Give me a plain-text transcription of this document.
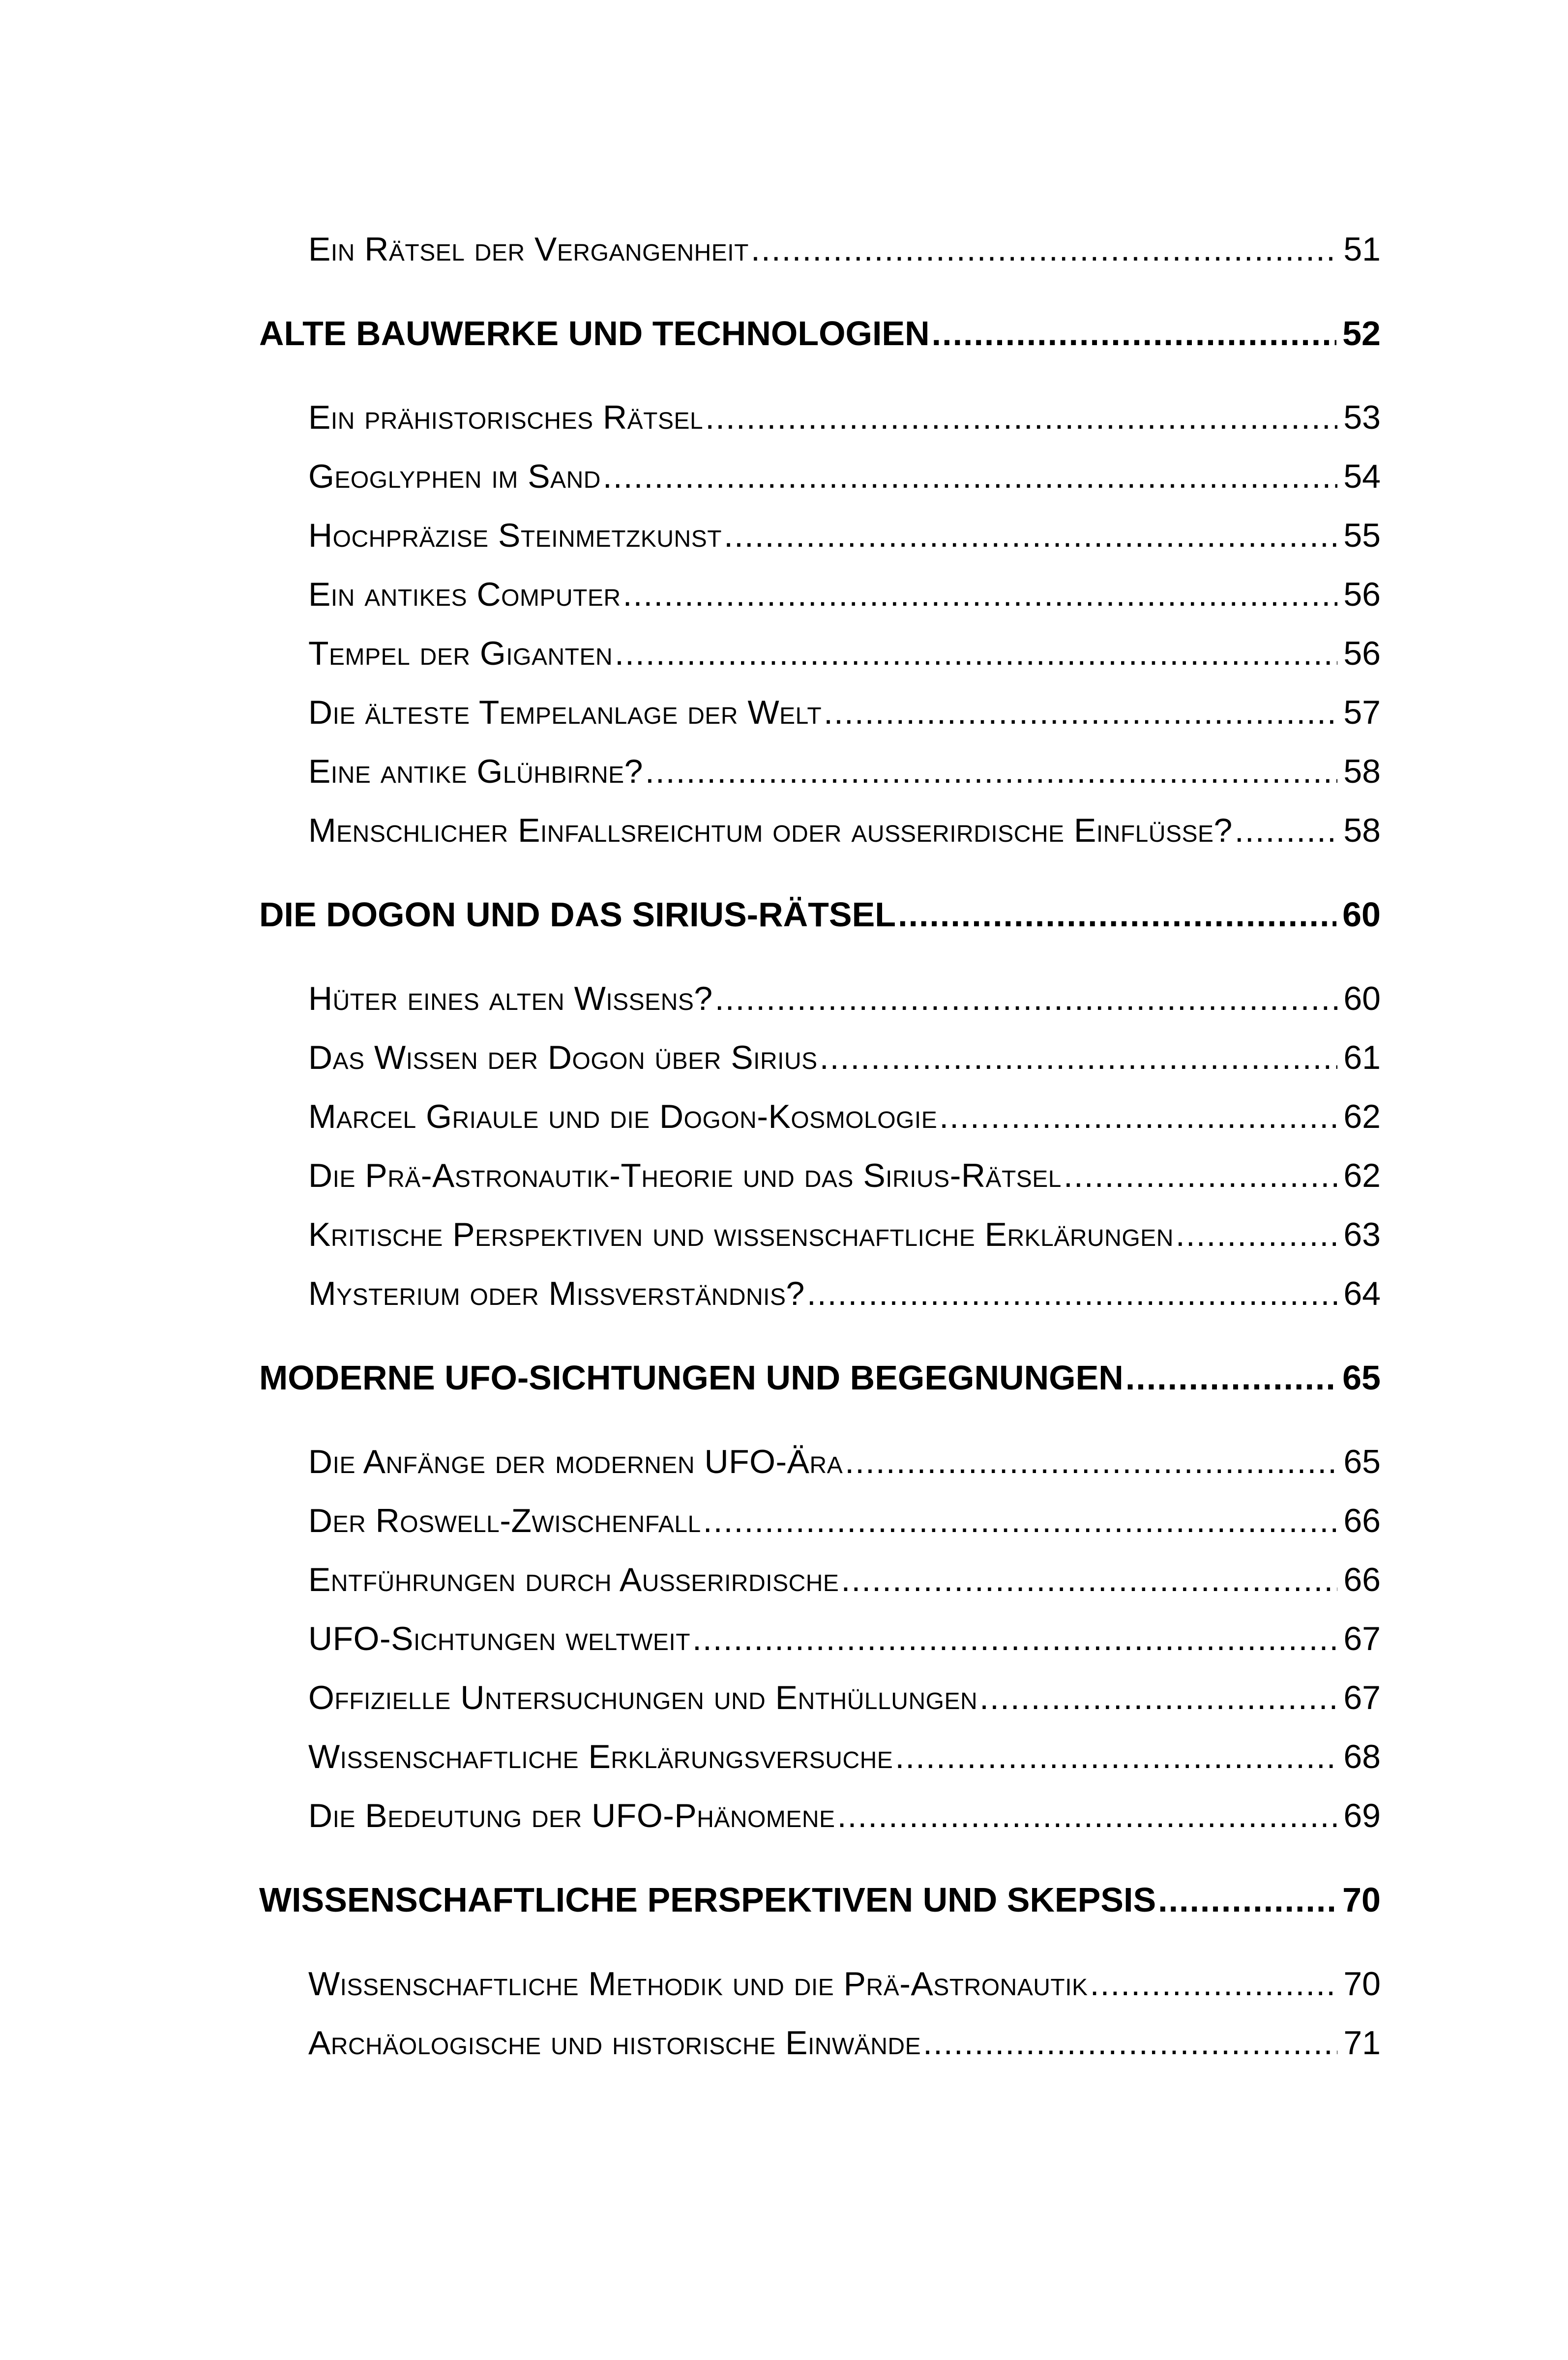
Ein Rätsel der Vergangenheit .....	51
ALTE BAUWERKE UND TECHNOLOGIEN .....	52
Ein prähistorisches Rätsel .....	53
Geoglyphen im Sand .....	54
Hochpräzise Steinmetzkunst .....	55
Ein antikes Computer .....	56
Tempel der Giganten .....	56
Die älteste Tempelanlage der Welt .....	57
Eine antike Glühbirne? .....	58
Menschlicher Einfallsreichtum oder außerirdische Einflüsse? .....	58
DIE DOGON UND DAS SIRIUS-RÄTSEL .....	60
Hüter eines alten Wissens? .....	60
Das Wissen der Dogon über Sirius .....	61
Marcel Griaule und die Dogon-Kosmologie .....	62
Die Prä-Astronautik-Theorie und das Sirius-Rätsel .....	62
Kritische Perspektiven und wissenschaftliche Erklärungen .....	63
Mysterium oder Missverständnis? .....	64
MODERNE UFO-SICHTUNGEN UND BEGEGNUNGEN .....	65
Die Anfänge der modernen UFO-Ära .....	65
Der Roswell-Zwischenfall .....	66
Entführungen durch Außerirdische .....	66
UFO-Sichtungen weltweit .....	67
Offizielle Untersuchungen und Enthüllungen .....	67
Wissenschaftliche Erklärungsversuche .....	68
Die Bedeutung der UFO-Phänomene .....	69
WISSENSCHAFTLICHE PERSPEKTIVEN UND SKEPSIS .....	70
Wissenschaftliche Methodik und die Prä-Astronautik .....	70
Archäologische und historische Einwände .....	71
